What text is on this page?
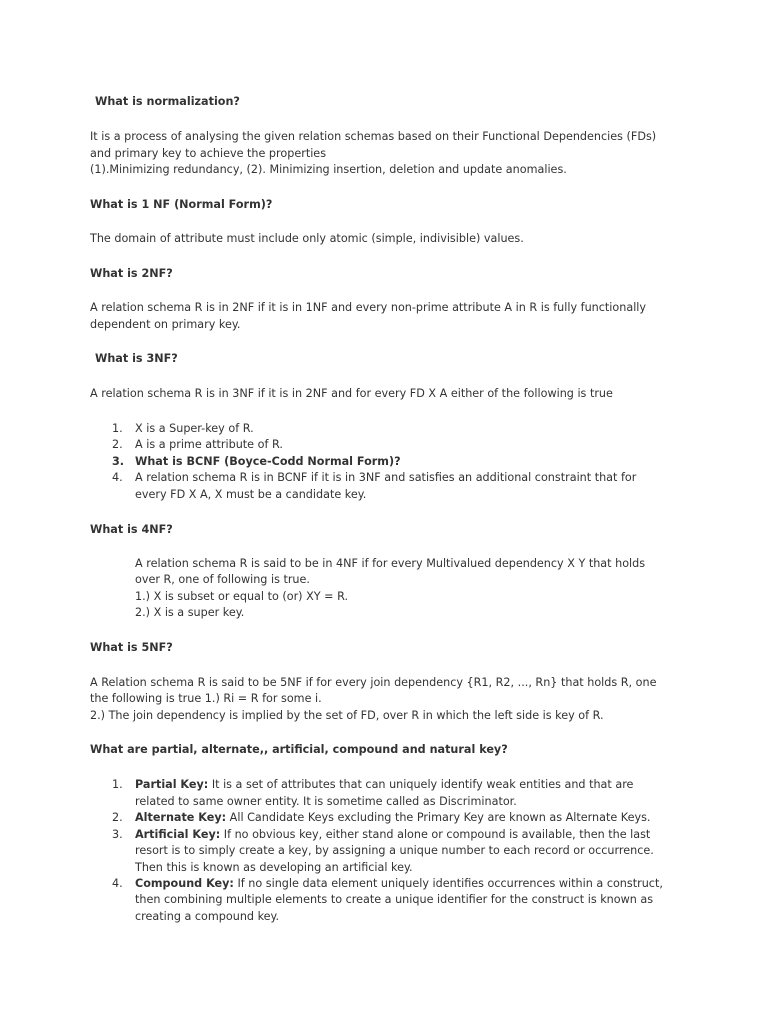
What is normalization?
It is a process of analysing the given relation schemas based on their Functional Dependencies (FDs)
and primary key to achieve the properties
(1).Minimizing redundancy, (2). Minimizing insertion, deletion and update anomalies.
What is 1 NF (Normal Form)?
The domain of attribute must include only atomic (simple, indivisible) values.
What is 2NF?
A relation schema R is in 2NF if it is in 1NF and every non-prime attribute A in R is fully functionally
dependent on primary key.
What is 3NF?
A relation schema R is in 3NF if it is in 2NF and for every FD X A either of the following is true
1. X is a Super-key of R.
2. A is a prime attribute of R.
3. What is BCNF (Boyce-Codd Normal Form)?
4. A relation schema R is in BCNF if it is in 3NF and satisfies an additional constraint that for
every FD X A, X must be a candidate key.
What is 4NF?
A relation schema R is said to be in 4NF if for every Multivalued dependency X Y that holds
over R, one of following is true.
1.) X is subset or equal to (or) XY = R.
2.) X is a super key.
What is 5NF?
A Relation schema R is said to be 5NF if for every join dependency {R1, R2, ..., Rn} that holds R, one
the following is true 1.) Ri = R for some i.
2.) The join dependency is implied by the set of FD, over R in which the left side is key of R.
What are partial, alternate,, artificial, compound and natural key?
1. Partial Key: It is a set of attributes that can uniquely identify weak entities and that are
related to same owner entity. It is sometime called as Discriminator.
2. Alternate Key: All Candidate Keys excluding the Primary Key are known as Alternate Keys.
3. Artificial Key: If no obvious key, either stand alone or compound is available, then the last
resort is to simply create a key, by assigning a unique number to each record or occurrence.
Then this is known as developing an artificial key.
4. Compound Key: If no single data element uniquely identifies occurrences within a construct,
then combining multiple elements to create a unique identifier for the construct is known as
creating a compound key.
